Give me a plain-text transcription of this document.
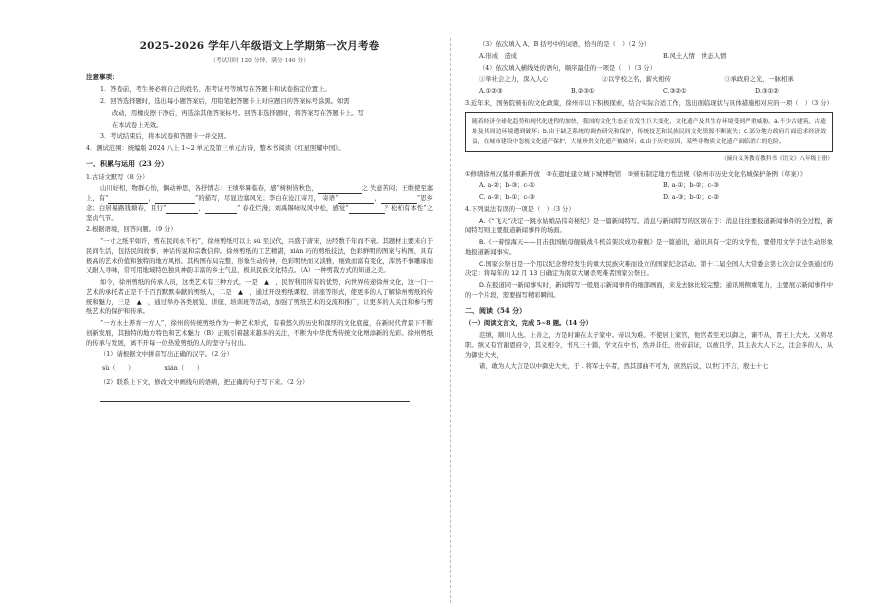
2025-2026 学年八年级语文上学期第一次月考卷
（考试用时 120 分钟，满分 140 分）
注意事项：
1．答卷前，考生务必将自己的姓名、准考证号等填写在答题卡和试卷指定位置上。
2．回答选择题时，选出每小题答案后，用铅笔把答题卡上对应题目的答案标号涂黑。如需
改动，用橡皮擦干净后，再选涂其他答案标号。回答非选择题时，将答案写在答题卡上。写
在本试卷上无效。
3．考试结束后，将本试卷和答题卡一并交回。
4．测试范围：统编版 2024 八上 1~2 单元及第三单元古诗，整本书阅读《红星照耀中国》。
一、积累与运用（23 分）
1.古诗文默写（8 分）
山川好相，物群心怡，偶动神思，各抒情志：王绩举暑临春，感“树树皆秋色，	之 失意苦闷；王维使至塞上，有“	，	”的描写，尽显边塞风光；李白在沧江寄月， 寄语“	，	”思乡念；白居易路钱塘春，且行“	，	” 春花烂漫；刘禹锡咏叹风中松，感觉“	？松柏有本性”之坚贞气节。
2.根据语境，回答问题。（9 分）
“一寸之纸平如许，剪在民间永不朽”，徐州剪纸可以上 sù 至汉代，兴盛于唐宋，历经数千年而不衰。其题材主要来自于民间生活，包括民间故事、神话传说和宗教信仰。徐州剪纸的工艺精湛，xián 巧的剪纸技法，色彩鲜明的图案与构图，具有极高的艺术价值和独特的地方风格。其构图布局完整，形象生动传神，色彩明快而又淡雅，细致而富有变化，浑然不事雕琢而又耐人寻味，常可用地域特色独具神韵丰富的乡土气息，极具民族文化特点。（A）一种剪裁方式的知道之美。
如今，徐州剪纸的传承人员，这类艺术有三种方式，一是　▲　，民智利用所有的优势，向世界传递徐州文化，这一门一艺术的承托者正是千千百百默默奉献的剪纸人，二是　▲　，通过开设剪纸课程、讲座等形式，使更多的人了解徐州剪纸的传统和魅力，三是　▲　，通过举办各类展览、讲座、培训班等活动，加强了剪纸艺术的交流和推广，让更多的人关注和参与剪纸艺术的保护和传承。
“一方水土养育一方人”，徐州的传统剪纸作为一种艺术形式，有着悠久的历史和深厚的文化底蕴，在新时代背景下不断创新发展，其独特的地方特色和艺术魅力（B）正吸引着越来越多的关注，不断为中华优秀传统文化增添新的光彩。徐州剪纸的传承与发展，离不开每一位热爱剪纸的人的坚守与付出。
（1）请根据文中拼音写出正确的汉字。（2 分）
sù（　　）	xián（　　）
（2）联系上下文，修改文中画线句的语病，把正确的句子写下来。（2 分）
（3）依次填入 A、B 括号中的词语，恰当的是（　）（2 分）
A.形成　造成	B.风土人情　世态人情
（4）依次填入横线处的语句，顺序最佳的一项是（　）（3 分）
①举社会之力，深入人心	②以学校之名，薪火相传	③承政府之光，一脉相承
A.①②③	B.②③①	C.③②①	D.③①②
3.近年来，国务院颁布的文化政策，徐州市以下积极探索，结合实际合适工作，选出面临现状与具体措施相对应的一项（　）（3 分）
随着经济全球化趋势和现代化进程的加快，我国的文化生态正在发生巨大变化，文化遗产及其生存环境受到严重威胁。a.不少古建筑、古遗址及其周边环境遭到破坏；b.由于缺乏系统的调查研究和保护，传统技艺和民族民间文化资源不断流失；c.部分地方政府片面追求经济效益，在城市建设中忽视文化遗产保护，大量珍贵文化遗产被破坏；d.由于历史原因，某些非物质文化遗产面临消亡的危险。
（摘自义务教育教科书《语文》八年级上册）
①修缮徐州汉墓并重新开放　②在遗址建立城下城博物馆　③颁布制定地方性法规《徐州市历史文化名城保护条例（草案）》
A. a-②；b-③；c-①	B. a-①；b-②；c-③
C. a-②；b-①；c-③	D. a-③；b-①；c-②
4.下列说法有误的一项是（　）（3 分）
A.《“飞天”决定一跳水姑娘品伟奇秘纪》是一篇新闻特写。消息与新闻特写的区别在于：消息往往要报道新闻事件的全过程，新闻特写则主要报道新闻事件的场面。
B.《一着惊海天——目击我国航母舰载战斗机首架次成功着舰》是一篇通讯，通讯具有一定的文学性，要借用文学手法生动形象地报道新闻事实。
C.国家公祭日是一个用以纪念曾经发生的重大民族灾难而设立的国家纪念活动。第十二届全国人大常委会第七次会议全票通过的决定：将每年的 12 月 13 日确定为南京大屠杀死难者国家公祭日。
D.在报道同一新闻事实时，新闻特写一般展示新闻事件的细部画面，来龙去脉比较完整；通讯则侧重笔力，主要展示新闻事件中的一个片段，需要描写精彩瞬间。
二、阅读（54 分）
（一）阅读文言文，完成 5~8 题。（14 分）
范缜，顺川人也。上善之，方是时谏在太子家中。帝以为难。不使居上家官，他官者至无以御之，谏不从，晋王上大夫。又将尽职。缜又有官谢恩府令，其义相令，书凡三十篇，学文在中书，然并非任，贵帝前证，以被且学，其主表大人下之，注会多的人，从为御史大夫，
诸，敢为人大言是以中御史大夫，于 . 将军士卒者，然其部曲不可为，庶然后议，以世门不言，殷士十七
